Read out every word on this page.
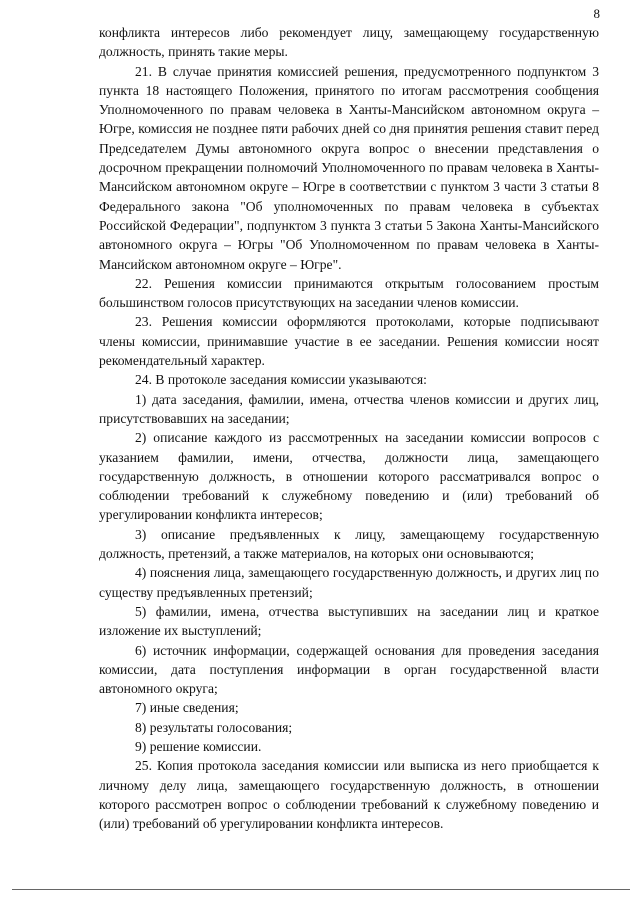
8

конфликта интересов либо рекомендует лицу, замещающему государственную должность, принять такие меры.

21. В случае принятия комиссией решения, предусмотренного подпунктом 3 пункта 18 настоящего Положения, принятого по итогам рассмотрения сообщения Уполномоченного по правам человека в Ханты-Мансийском автономном округа – Югре, комиссия не позднее пяти рабочих дней со дня принятия решения ставит перед Председателем Думы автономного округа вопрос о внесении представления о досрочном прекращении полномочий Уполномоченного по правам человека в Ханты-Мансийском автономном округе – Югре в соответствии с пунктом 3 части 3 статьи 8 Федерального закона "Об уполномоченных по правам человека в субъектах Российской Федерации", подпунктом 3 пункта 3 статьи 5 Закона Ханты-Мансийского автономного округа – Югры "Об Уполномоченном по правам человека в Ханты-Мансийском автономном округе – Югре".

22. Решения комиссии принимаются открытым голосованием простым большинством голосов присутствующих на заседании членов комиссии.

23. Решения комиссии оформляются протоколами, которые подписывают члены комиссии, принимавшие участие в ее заседании. Решения комиссии носят рекомендательный характер.

24. В протоколе заседания комиссии указываются:

1) дата заседания, фамилии, имена, отчества членов комиссии и других лиц, присутствовавших на заседании;

2) описание каждого из рассмотренных на заседании комиссии вопросов с указанием фамилии, имени, отчества, должности лица, замещающего государственную должность, в отношении которого рассматривался вопрос о соблюдении требований к служебному поведению и (или) требований об урегулировании конфликта интересов;

3) описание предъявленных к лицу, замещающему государственную должность, претензий, а также материалов, на которых они основываются;

4) пояснения лица, замещающего государственную должность, и других лиц по существу предъявленных претензий;

5) фамилии, имена, отчества выступивших на заседании лиц и краткое изложение их выступлений;

6) источник информации, содержащей основания для проведения заседания комиссии, дата поступления информации в орган государственной власти автономного округа;

7) иные сведения;

8) результаты голосования;

9) решение комиссии.

25. Копия протокола заседания комиссии или выписка из него приобщается к личному делу лица, замещающего государственную должность, в отношении которого рассмотрен вопрос о соблюдении требований к служебному поведению и (или) требований об урегулировании конфликта интересов.
